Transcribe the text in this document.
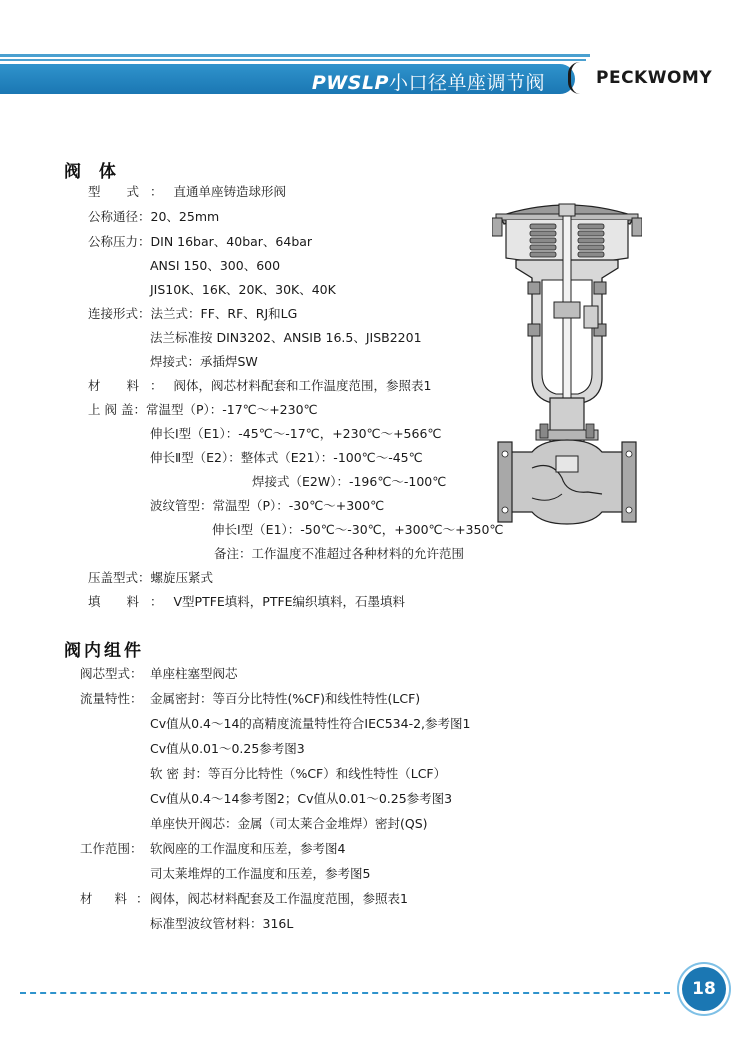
PWSLP小口径单座调节阀	PECKWOMY
阀 体
型 式：直通单座铸造球形阀
公称通径：20、25mm
公称压力：DIN 16bar、40bar、64bar
ANSI 150、300、600
JIS10K、16K、20K、30K、40K
连接形式：法兰式：FF、RF、RJ和LG
法兰标准按 DIN3202、ANSIB 16.5、JISB2201
焊接式：承插焊SW
材 料：阀体，阀芯材料配套和工作温度范围，参照表1
上 阀 盖：常温型（P）：-17℃～+230℃
伸长Ⅰ型（E1）：-45℃～-17℃，+230℃～+566℃
伸长Ⅱ型（E2）：整体式（E21）：-100℃～-45℃
焊接式（E2W）：-196℃～-100℃
波纹管型：常温型（P）：-30℃～+300℃
伸长Ⅰ型（E1）：-50℃～-30℃，+300℃～+350℃
备注：工作温度不准超过各种材料的允许范围
压盖型式：螺旋压紧式
填 料：V型PTFE填料，PTFE编织填料，石墨填料
阀内组件
阀芯型式： 单座柱塞型阀芯
流量特性： 金属密封：等百分比特性(%CF)和线性特性(LCF)
Cv值从0.4～14的高精度流量特性符合IEC534-2,参考图1
Cv值从0.01～0.25参考图3
软 密 封：等百分比特性（%CF）和线性特性（LCF）
Cv值从0.4～14参考图2；Cv值从0.01～0.25参考图3
单座快开阀芯：金属（司太莱合金堆焊）密封(QS)
工作范围： 软阀座的工作温度和压差，参考图4
司太莱堆焊的工作温度和压差，参考图5
材 料：阀体，阀芯材料配套及工作温度范围，参照表1
标准型波纹管材料：316L
18
